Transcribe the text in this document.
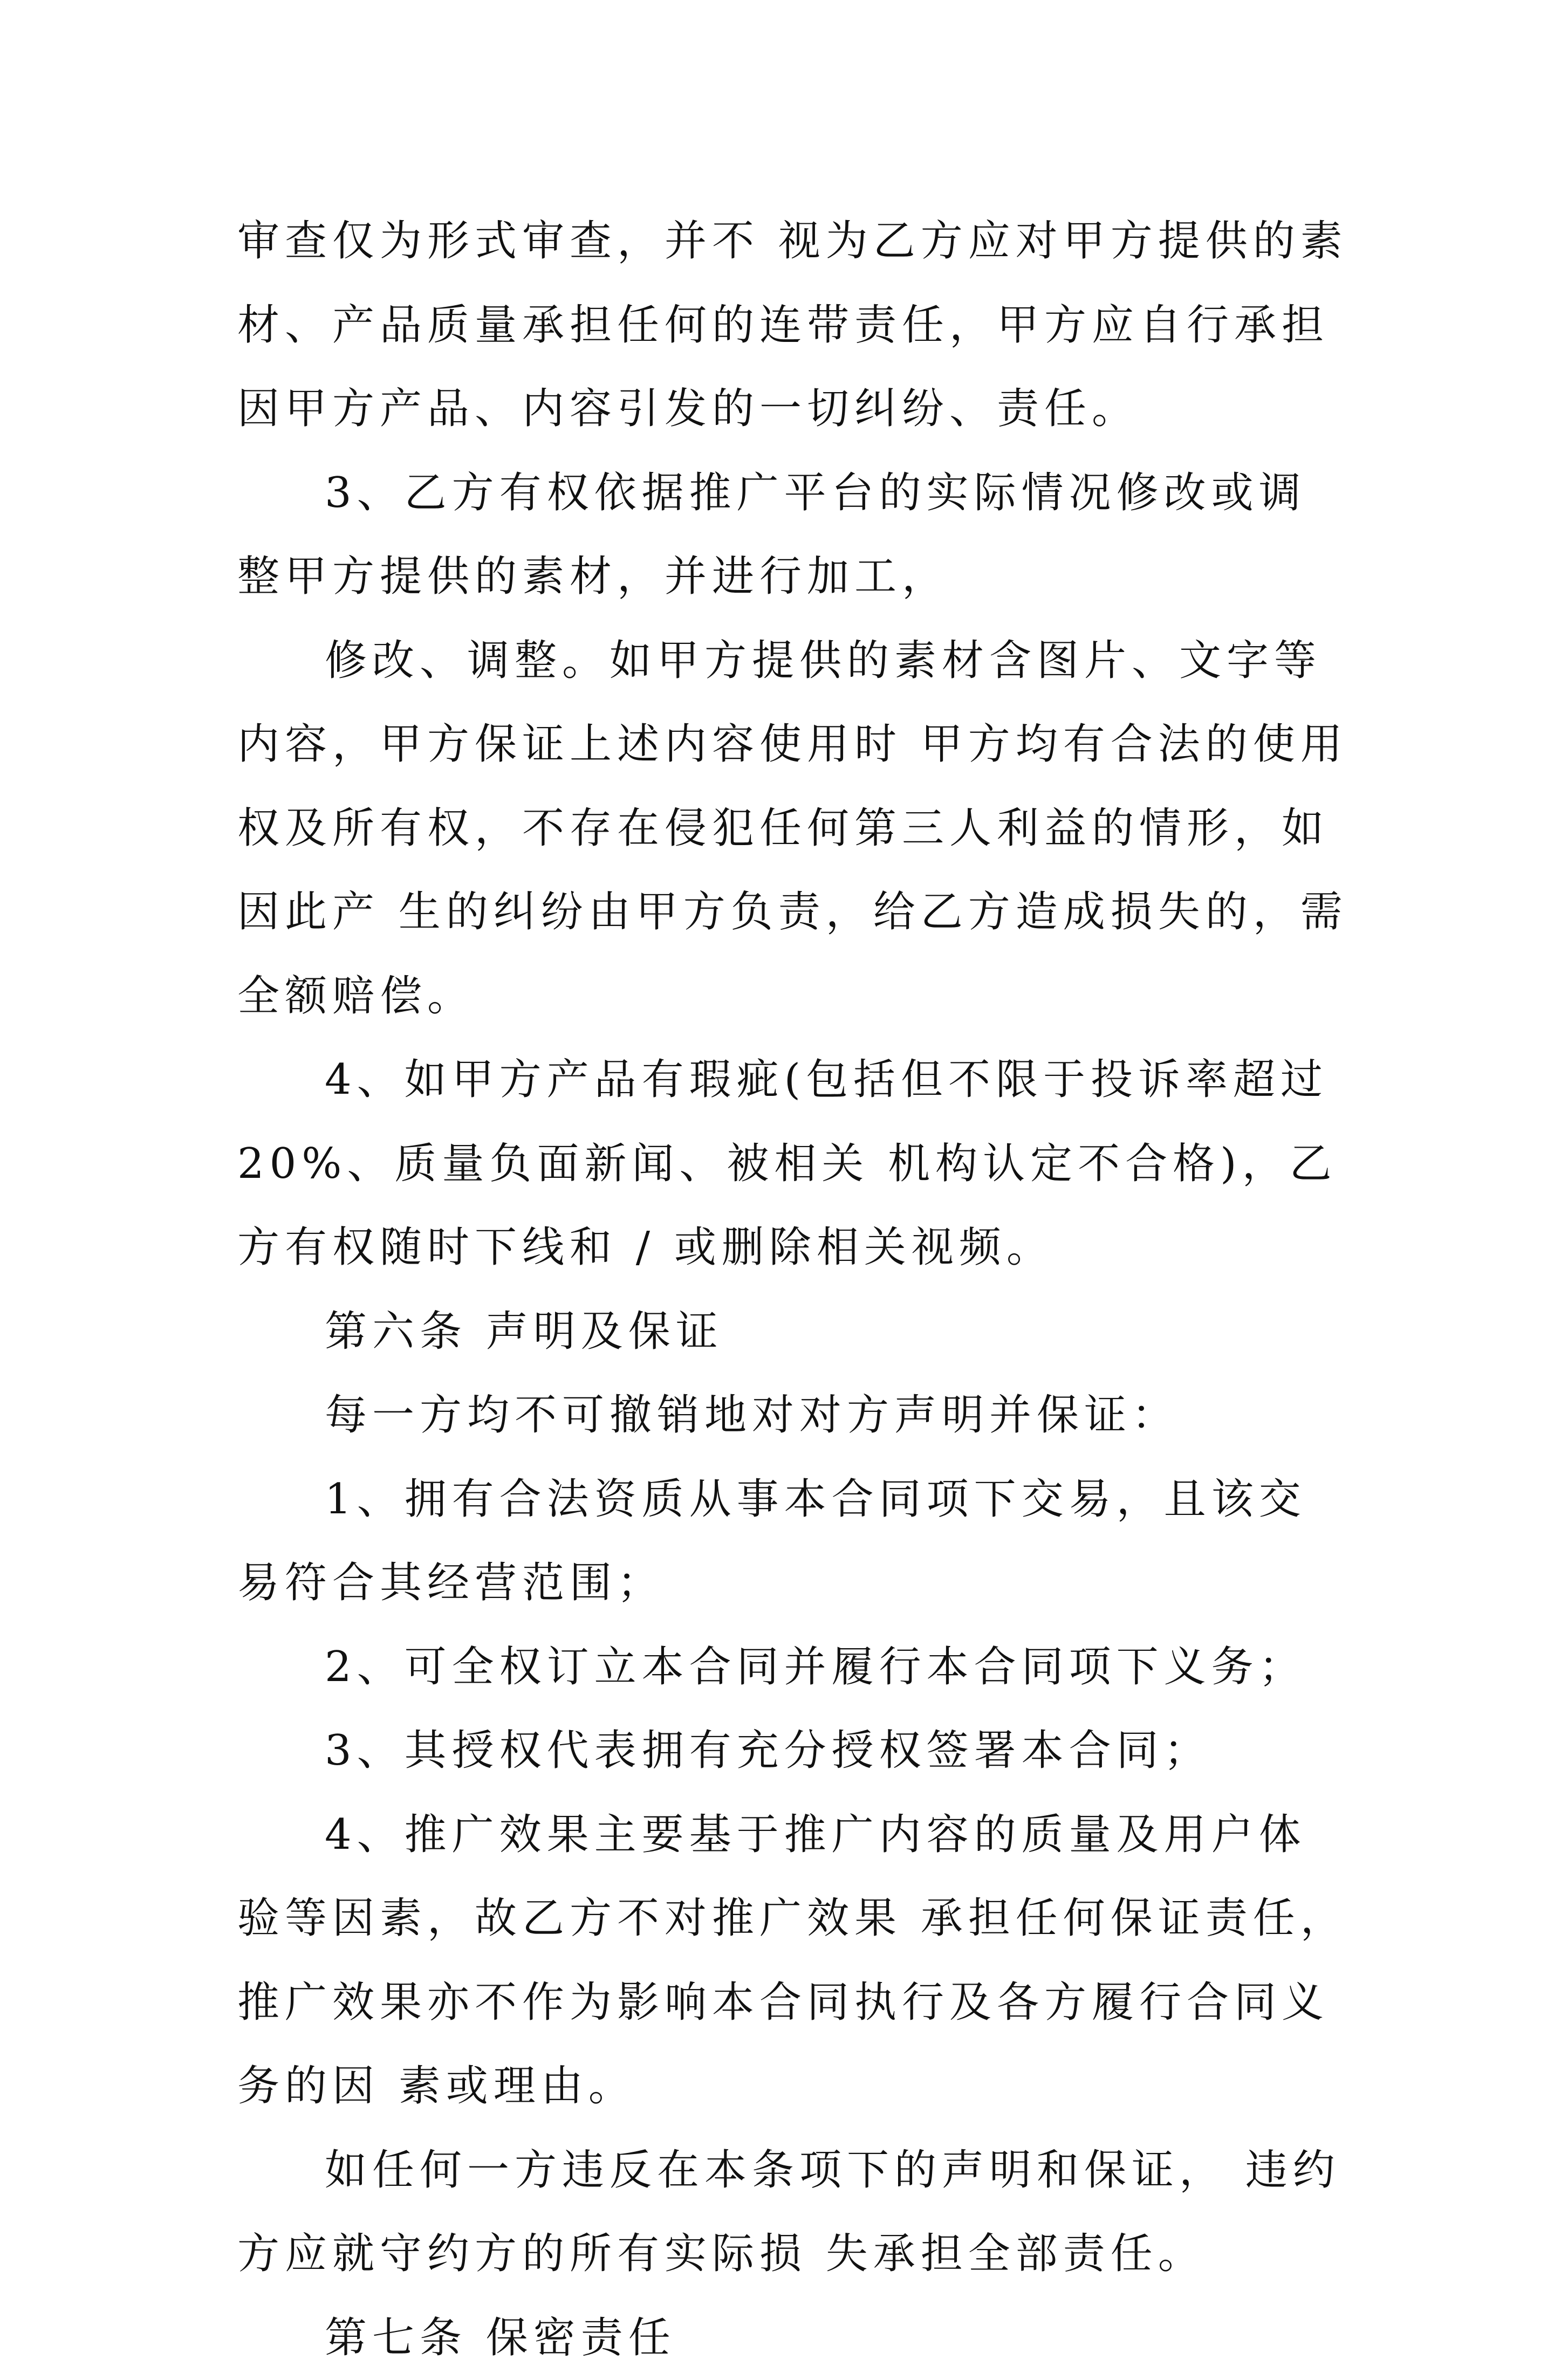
审查仅为形式审查，并不 视为乙方应对甲方提供的素材、产品质量承担任何的连带责任，甲方应自行承担 因甲方产品、内容引发的一切纠纷、责任。

3、乙方有权依据推广平台的实际情况修改或调整甲方提供的素材，并进行加工，

修改、调整。如甲方提供的素材含图片、文字等内容，甲方保证上述内容使用时 甲方均有合法的使用权及所有权，不存在侵犯任何第三人利益的情形，如因此产 生的纠纷由甲方负责，给乙方造成损失的，需全额赔偿。

4、如甲方产品有瑕疵(包括但不限于投诉率超过 20%、质量负面新闻、被相关 机构认定不合格)，乙方有权随时下线和 / 或删除相关视频。

第六条 声明及保证

每一方均不可撤销地对对方声明并保证：

1、拥有合法资质从事本合同项下交易，且该交易符合其经营范围；

2、可全权订立本合同并履行本合同项下义务；

3、其授权代表拥有充分授权签署本合同；

4、推广效果主要基于推广内容的质量及用户体验等因素，故乙方不对推广效果 承担任何保证责任， 推广效果亦不作为影响本合同执行及各方履行合同义务的因 素或理由。

如任何一方违反在本条项下的声明和保证， 违约方应就守约方的所有实际损 失承担全部责任。

第七条 保密责任
